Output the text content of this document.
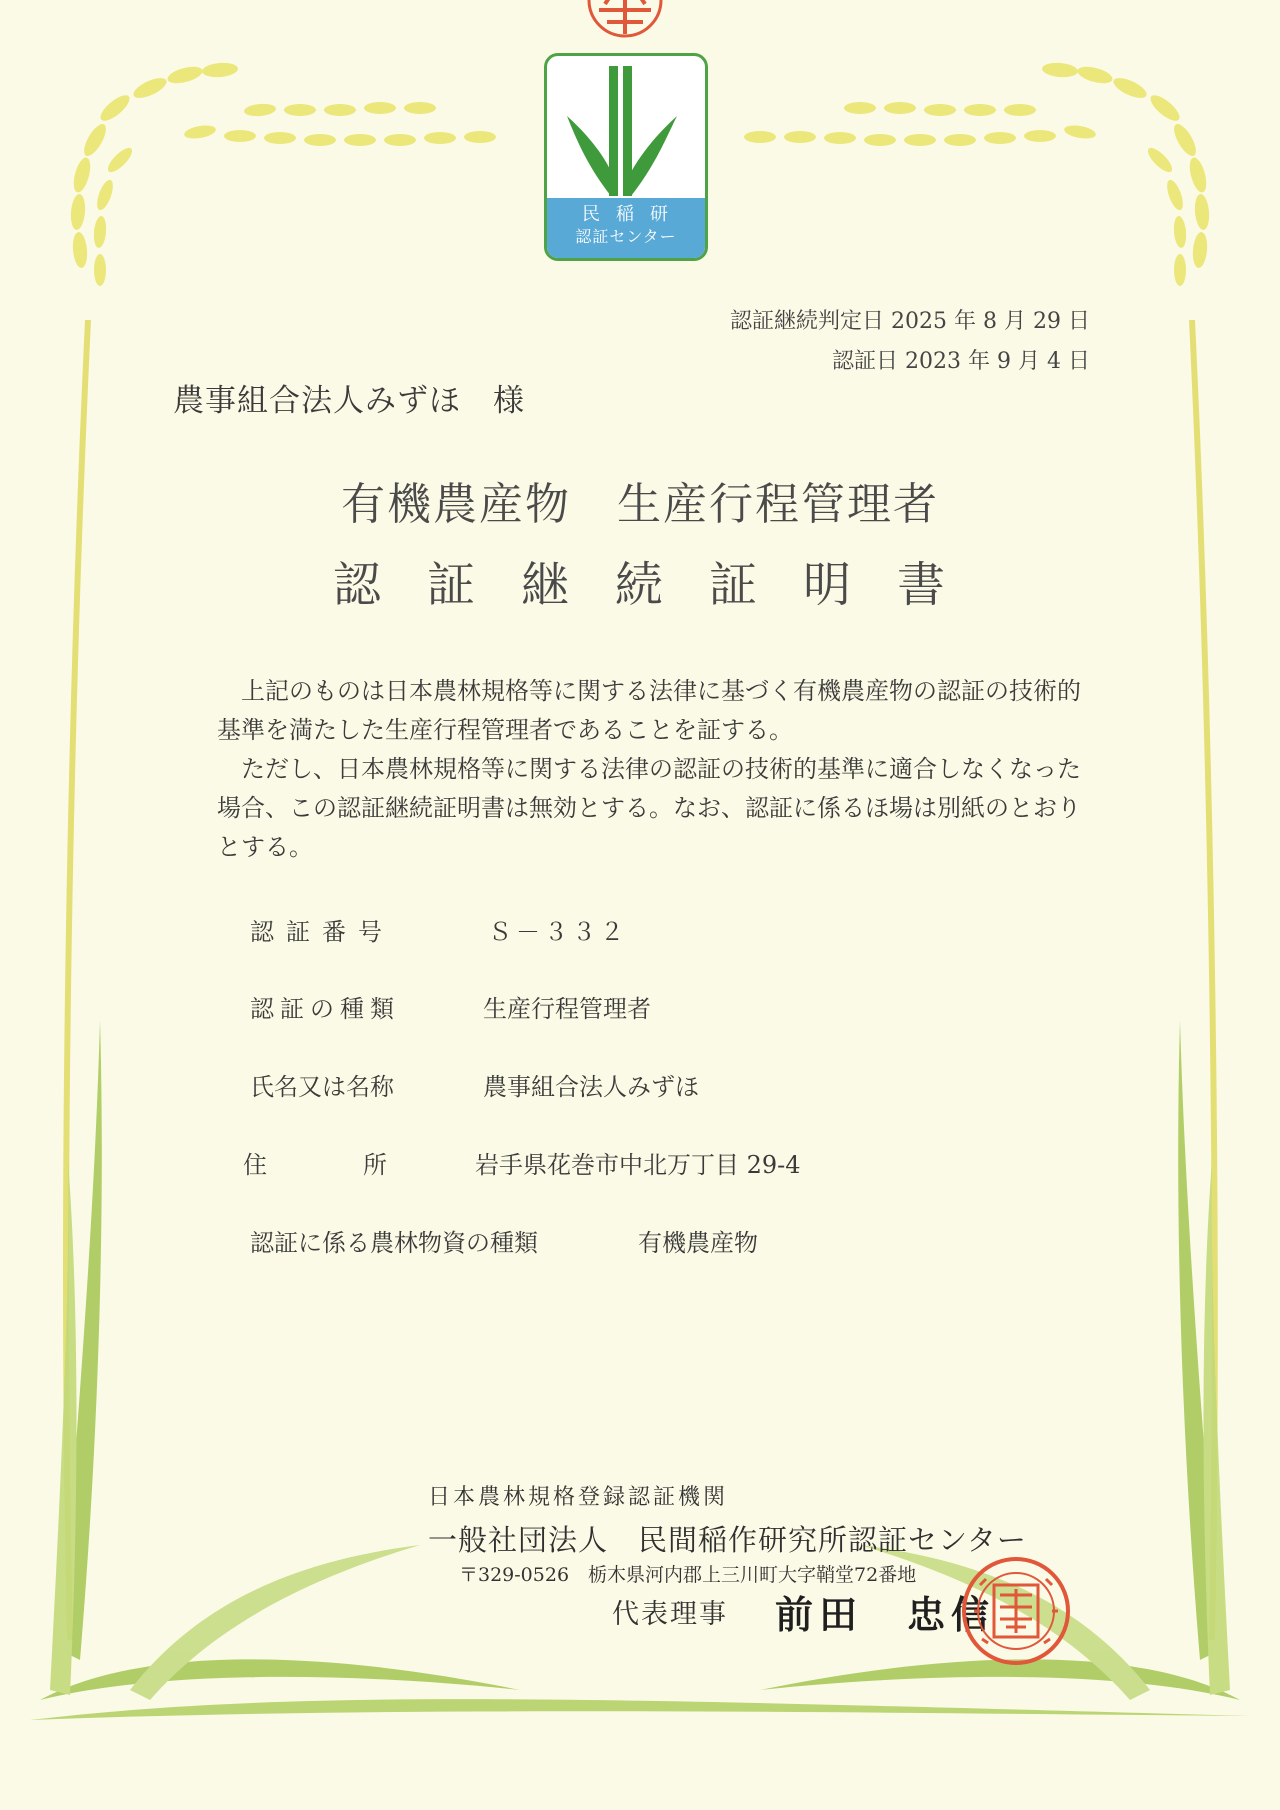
民稲研
認証センター
認証継続判定日 2025 年 8 月 29 日
認証日 2023 年 9 月 4 日
農事組合法人みずほ　様
有機農産物　生産行程管理者
認証継続証明書

上記のものは日本農林規格等に関する法律に基づく有機農産物の認証の技術的基準を満たした生産行程管理者であることを証する。

ただし、日本農林規格等に関する法律の認証の技術的基準に適合しなくなった場合、この認証継続証明書は無効とする。なお、認証に係るほ場は別紙のとおりとする。

認証番号	Ｓ－３３２
認証の種類	生産行程管理者
氏名又は名称	農事組合法人みずほ
住　　　　所	岩手県花巻市中北万丁目 29-4
認証に係る農林物資の種類	有機農産物
日本農林規格登録認証機関
一般社団法人　民間稲作研究所認証センター
〒329-0526　栃木県河内郡上三川町大字鞘堂72番地
代表理事 前田　忠信
